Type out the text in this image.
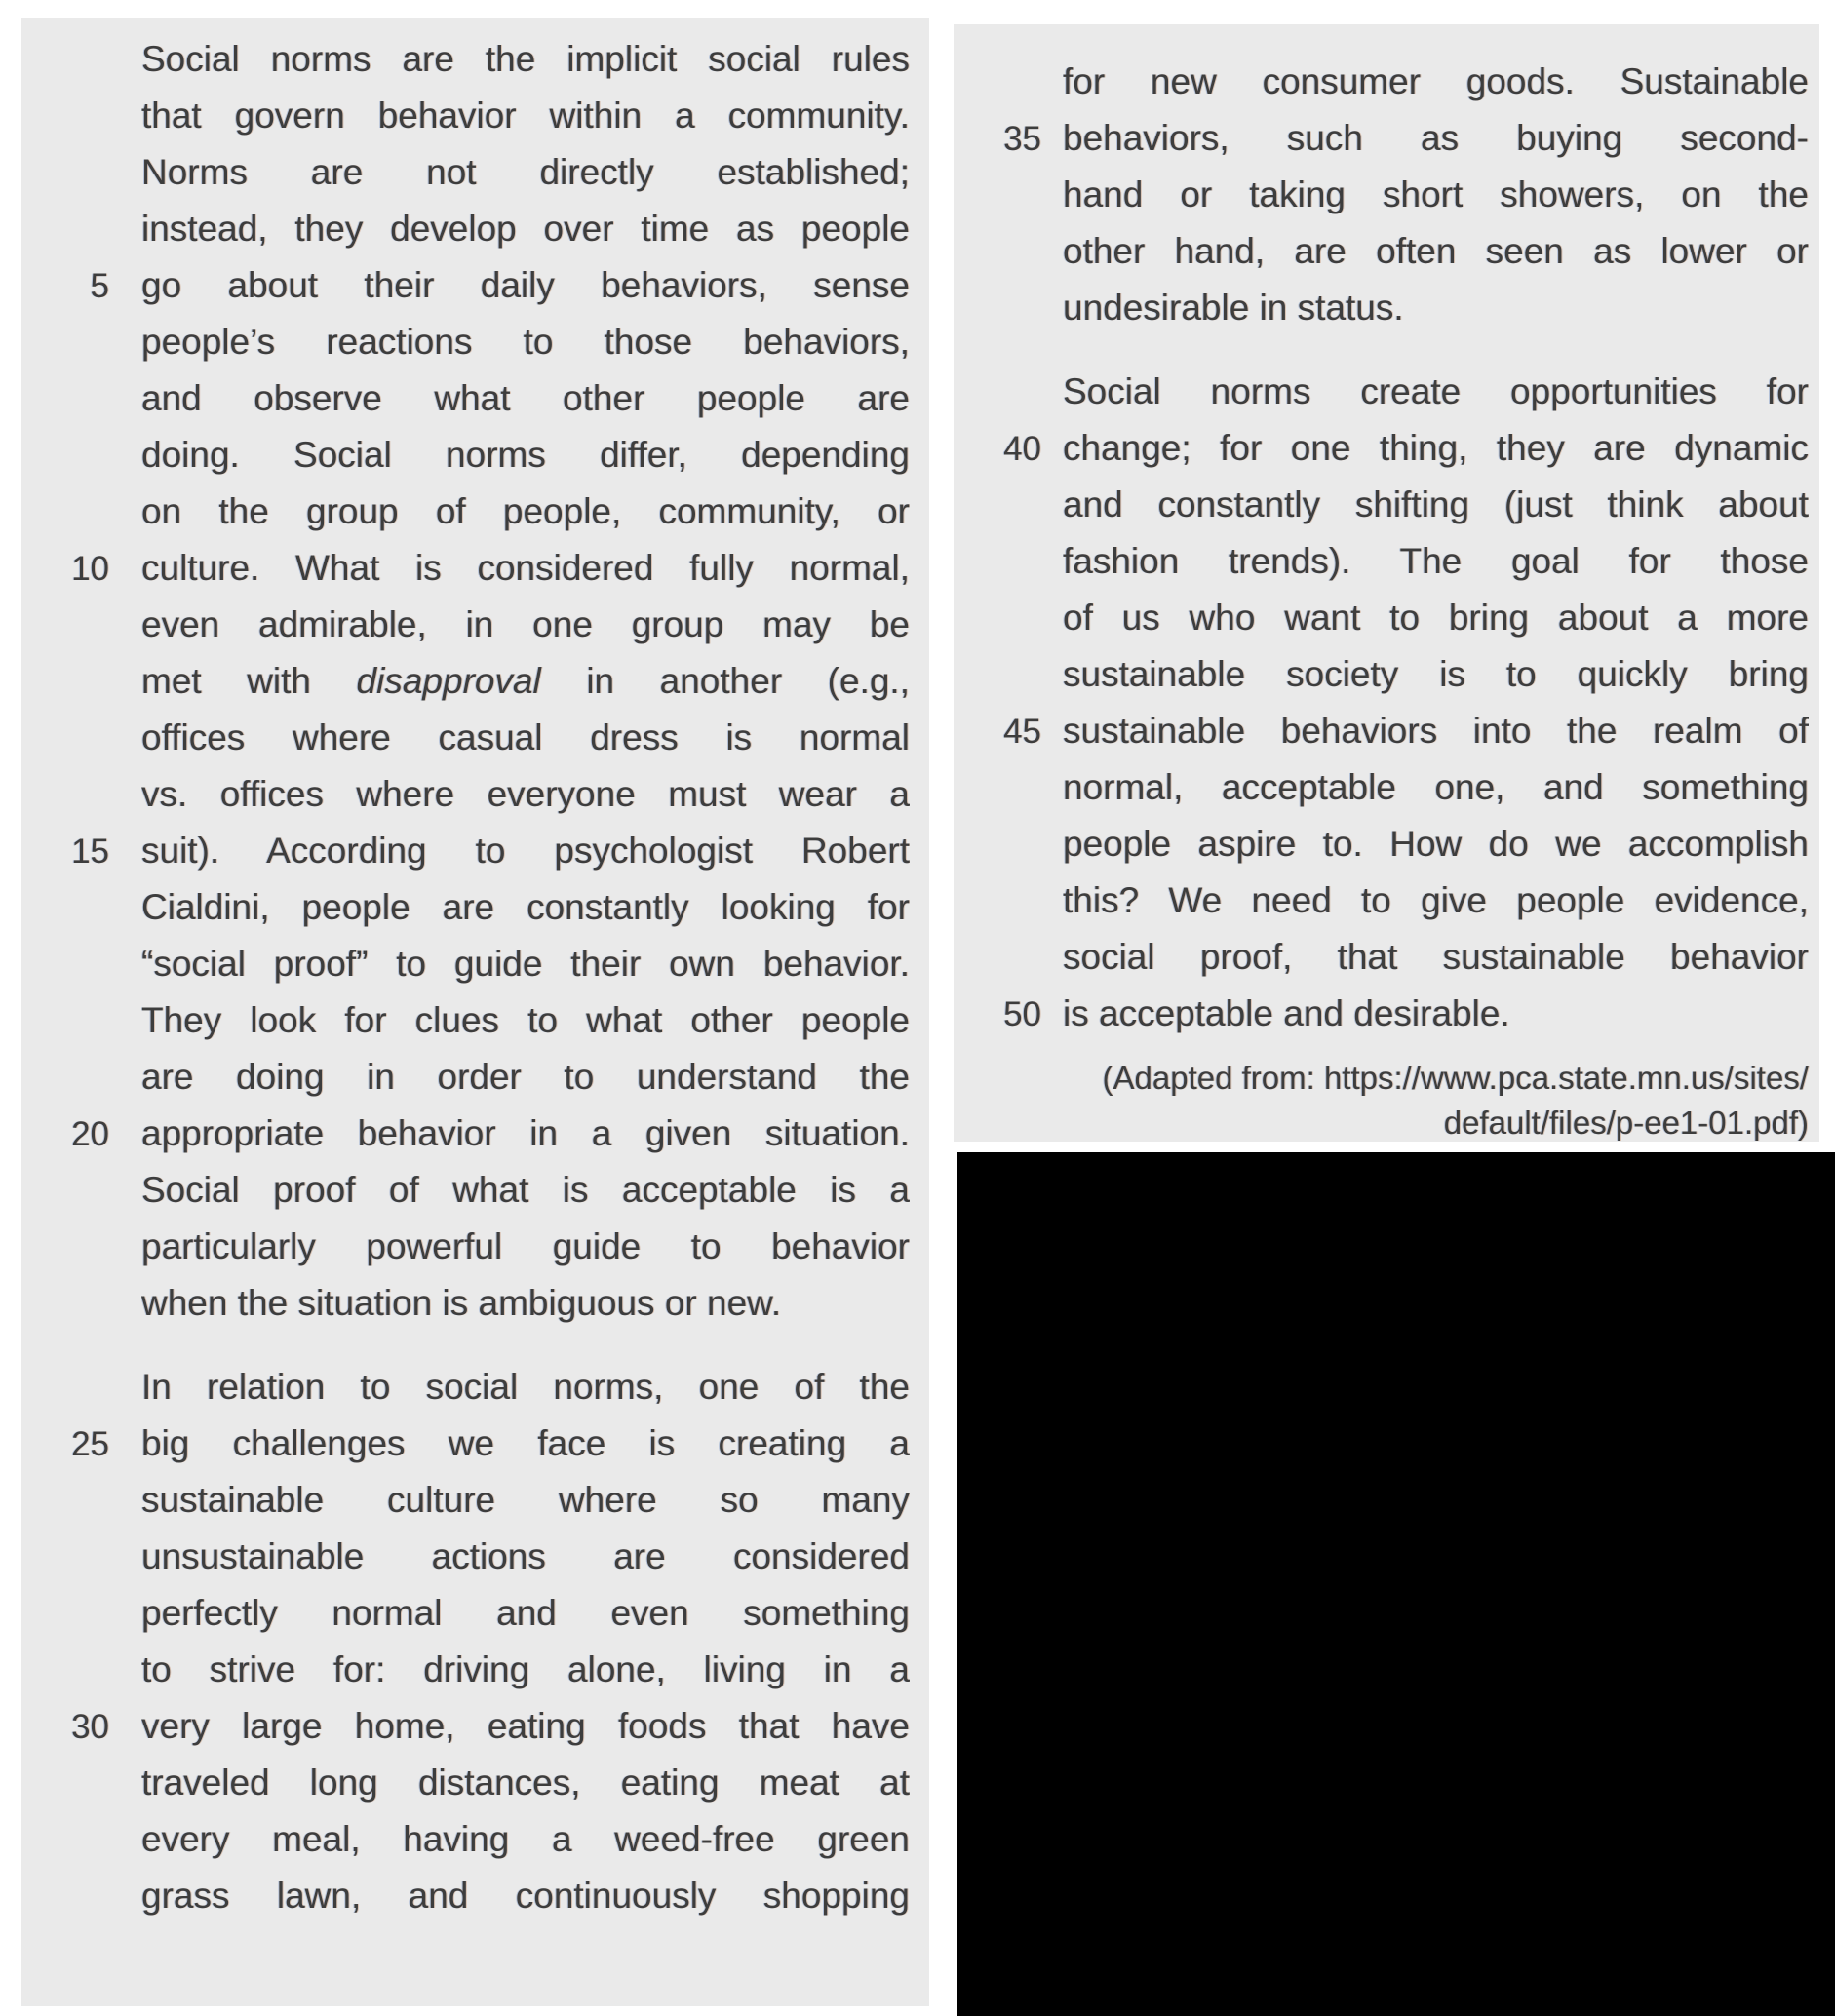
Social norms are the implicit social rules
that govern behavior within a community.
Norms are not directly established;
instead, they develop over time as people
5 go about their daily behaviors, sense
people’s reactions to those behaviors,
and observe what other people are
doing. Social norms differ, depending
on the group of people, community, or
10 culture. What is considered fully normal,
even admirable, in one group may be
met with disapproval in another (e.g.,
offices where casual dress is normal
vs. offices where everyone must wear a
15 suit). According to psychologist Robert
Cialdini, people are constantly looking for
“social proof” to guide their own behavior.
They look for clues to what other people
are doing in order to understand the
20 appropriate behavior in a given situation.
Social proof of what is acceptable is a
particularly powerful guide to behavior
when the situation is ambiguous or new.
In relation to social norms, one of the
25 big challenges we face is creating a
sustainable culture where so many
unsustainable actions are considered
perfectly normal and even something
to strive for: driving alone, living in a
30 very large home, eating foods that have
traveled long distances, eating meat at
every meal, having a weed-free green
grass lawn, and continuously shopping
for new consumer goods. Sustainable
35 behaviors, such as buying second-
hand or taking short showers, on the
other hand, are often seen as lower or
undesirable in status.
Social norms create opportunities for
40 change; for one thing, they are dynamic
and constantly shifting (just think about
fashion trends). The goal for those
of us who want to bring about a more
sustainable society is to quickly bring
45 sustainable behaviors into the realm of
normal, acceptable one, and something
people aspire to. How do we accomplish
this? We need to give people evidence,
social proof, that sustainable behavior
50 is acceptable and desirable.
(Adapted from: https://www.pca.state.mn.us/sites/
default/files/p-ee1-01.pdf)
